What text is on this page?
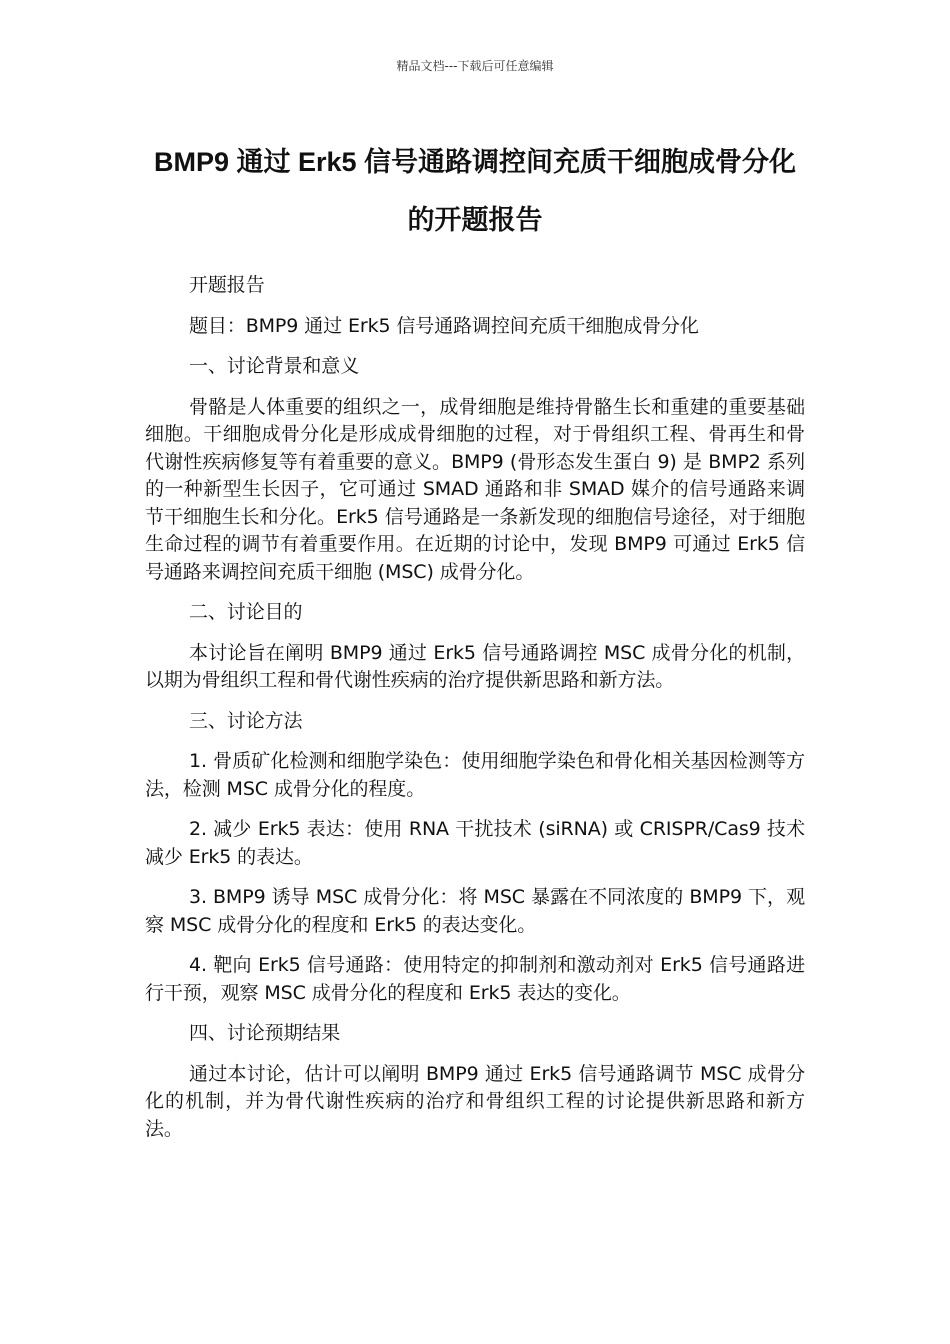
精品文档---下载后可任意编辑
BMP9 通过 Erk5 信号通路调控间充质干细胞成骨分化的开题报告

开题报告

题目：BMP9 通过 Erk5 信号通路调控间充质干细胞成骨分化

一、讨论背景和意义

骨骼是人体重要的组织之一，成骨细胞是维持骨骼生长和重建的重要基础细胞。干细胞成骨分化是形成成骨细胞的过程，对于骨组织工程、骨再生和骨代谢性疾病修复等有着重要的意义。BMP9 (骨形态发生蛋白 9) 是 BMP2 系列的一种新型生长因子，它可通过 SMAD 通路和非 SMAD 媒介的信号通路来调节干细胞生长和分化。Erk5 信号通路是一条新发现的细胞信号途径，对于细胞生命过程的调节有着重要作用。在近期的讨论中，发现 BMP9 可通过 Erk5 信号通路来调控间充质干细胞 (MSC) 成骨分化。

二、讨论目的

本讨论旨在阐明 BMP9 通过 Erk5 信号通路调控 MSC 成骨分化的机制，以期为骨组织工程和骨代谢性疾病的治疗提供新思路和新方法。

三、讨论方法

1. 骨质矿化检测和细胞学染色：使用细胞学染色和骨化相关基因检测等方法，检测 MSC 成骨分化的程度。

2. 减少 Erk5 表达：使用 RNA 干扰技术 (siRNA) 或 CRISPR/Cas9 技术减少 Erk5 的表达。

3. BMP9 诱导 MSC 成骨分化：将 MSC 暴露在不同浓度的 BMP9 下，观察 MSC 成骨分化的程度和 Erk5 的表达变化。

4. 靶向 Erk5 信号通路：使用特定的抑制剂和激动剂对 Erk5 信号通路进行干预，观察 MSC 成骨分化的程度和 Erk5 表达的变化。

四、讨论预期结果

通过本讨论，估计可以阐明 BMP9 通过 Erk5 信号通路调节 MSC 成骨分化的机制，并为骨代谢性疾病的治疗和骨组织工程的讨论提供新思路和新方法。
